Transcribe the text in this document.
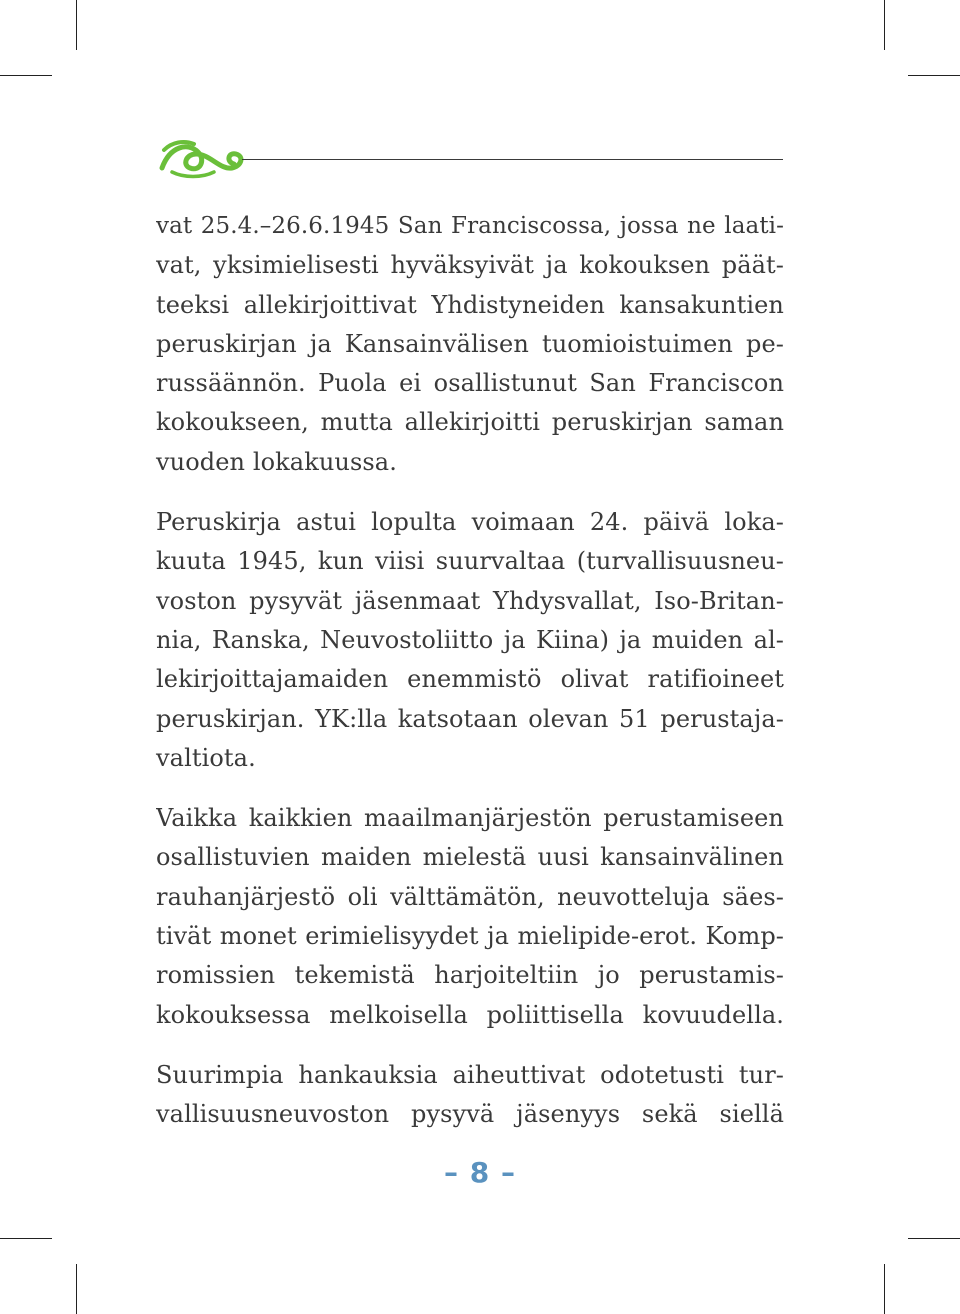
vat 25.4.–26.6.1945 San Franciscossa, jossa ne laati-
vat, yksimielisesti hyväksyivät ja kokouksen päät-
teeksi allekirjoittivat Yhdistyneiden kansakuntien
peruskirjan ja Kansainvälisen tuomioistuimen pe-
russäännön. Puola ei osallistunut San Franciscon
kokoukseen, mutta allekirjoitti peruskirjan saman
vuoden lokakuussa.
Peruskirja astui lopulta voimaan 24. päivä loka-
kuuta 1945, kun viisi suurvaltaa (turvallisuusneu-
voston pysyvät jäsenmaat Yhdysvallat, Iso-Britan-
nia, Ranska, Neuvostoliitto ja Kiina) ja muiden al-
lekirjoittajamaiden enemmistö olivat ratifioineet
peruskirjan. YK:lla katsotaan olevan 51 perustaja-
valtiota.
Vaikka kaikkien maailmanjärjestön perustamiseen
osallistuvien maiden mielestä uusi kansainvälinen
rauhanjärjestö oli välttämätön, neuvotteluja säes-
tivät monet erimielisyydet ja mielipide-erot. Komp-
romissien tekemistä harjoiteltiin jo perustamis-
kokouksessa melkoisella poliittisella kovuudella.
Suurimpia hankauksia aiheuttivat odotetusti tur-
vallisuusneuvoston pysyvä jäsenyys sekä siellä
– 8 –
